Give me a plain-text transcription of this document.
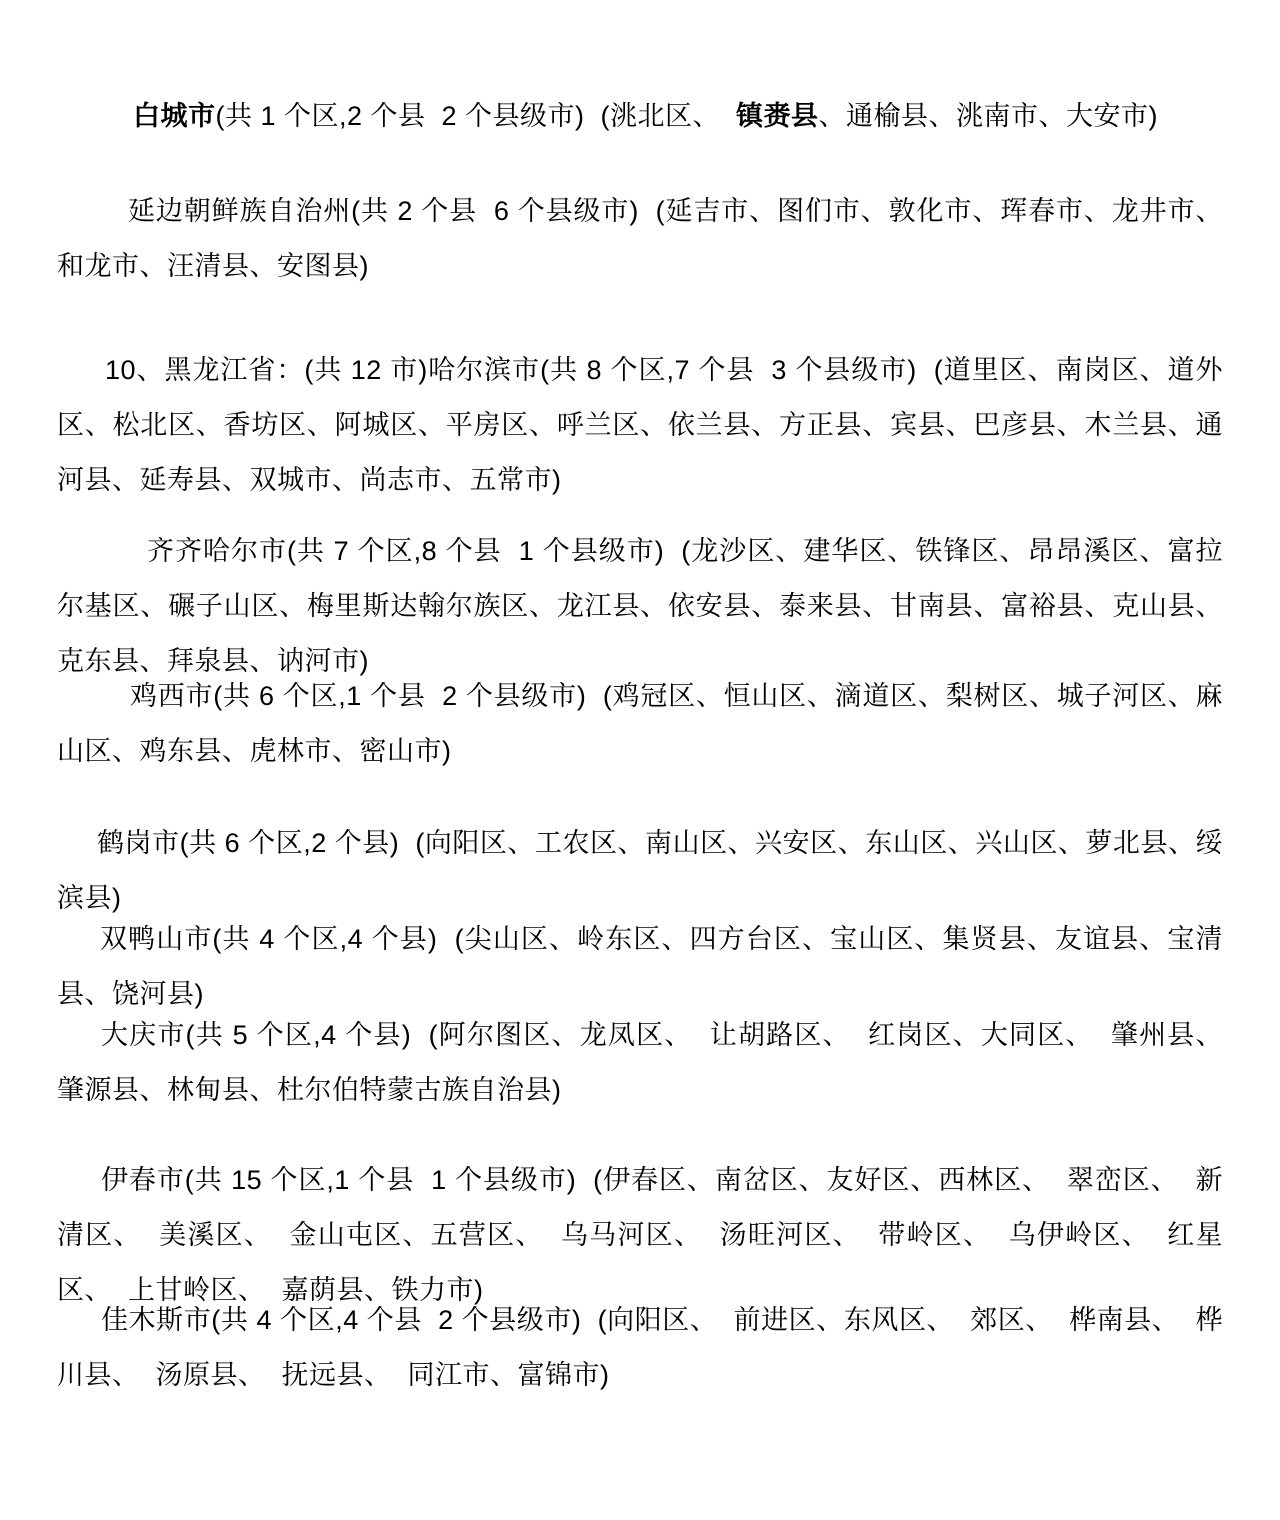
白城市(共 1 个区,2 个县  2 个县级市)  (洮北区、  镇赉县、通榆县、洮南市、大安市)

延边朝鲜族自治州(共 2 个县  6 个县级市)  (延吉市、图们市、敦化市、珲春市、龙井市、和龙市、汪清县、安图县)

10、黑龙江省：(共 12 市)哈尔滨市(共 8 个区,7 个县  3 个县级市)  (道里区、南岗区、道外区、松北区、香坊区、阿城区、平房区、呼兰区、依兰县、方正县、宾县、巴彦县、木兰县、通河县、延寿县、双城市、尚志市、五常市)

齐齐哈尔市(共 7 个区,8 个县  1 个县级市)  (龙沙区、建华区、铁锋区、昂昂溪区、富拉尔基区、碾子山区、梅里斯达翰尔族区、龙江县、依安县、泰来县、甘南县、富裕县、克山县、克东县、拜泉县、讷河市)

鸡西市(共 6 个区,1 个县  2 个县级市)  (鸡冠区、恒山区、滴道区、梨树区、城子河区、麻山区、鸡东县、虎林市、密山市)

鹤岗市(共 6 个区,2 个县)  (向阳区、工农区、南山区、兴安区、东山区、兴山区、萝北县、绥滨县)

双鸭山市(共 4 个区,4 个县)  (尖山区、岭东区、四方台区、宝山区、集贤县、友谊县、宝清县、饶河县)

大庆市(共 5 个区,4 个县)  (阿尔图区、龙凤区、  让胡路区、  红岗区、大同区、  肇州县、  肇源县、林甸县、杜尔伯特蒙古族自治县)

伊春市(共 15 个区,1 个县  1 个县级市)  (伊春区、南岔区、友好区、西林区、  翠峦区、  新清区、  美溪区、  金山屯区、五营区、  乌马河区、  汤旺河区、  带岭区、  乌伊岭区、  红星区、  上甘岭区、  嘉荫县、铁力市)

佳木斯市(共 4 个区,4 个县  2 个县级市)  (向阳区、  前进区、东风区、  郊区、  桦南县、  桦川县、  汤原县、  抚远县、  同江市、富锦市)
